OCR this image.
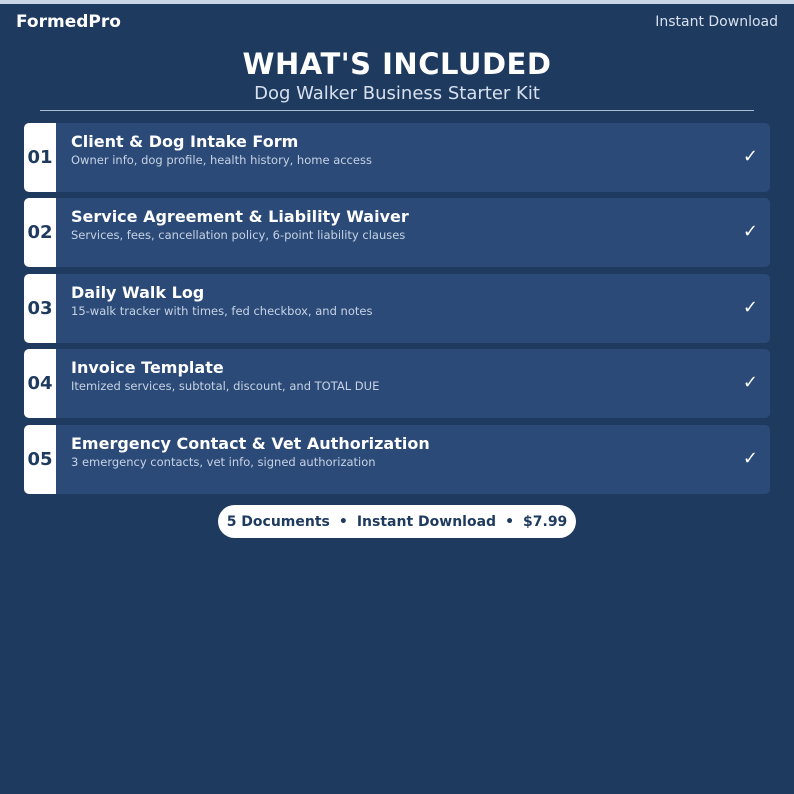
FormedPro	Instant Download
WHAT'S INCLUDED
Dog Walker Business Starter Kit
01
Client & Dog Intake Form
Owner info, dog profile, health history, home access	✓
02
Service Agreement & Liability Waiver
Services, fees, cancellation policy, 6-point liability clauses	✓
03
Daily Walk Log
15-walk tracker with times, fed checkbox, and notes	✓
04
Invoice Template
Itemized services, subtotal, discount, and TOTAL DUE	✓
05
Emergency Contact & Vet Authorization
3 emergency contacts, vet info, signed authorization	✓
5 Documents • Instant Download • $7.99
